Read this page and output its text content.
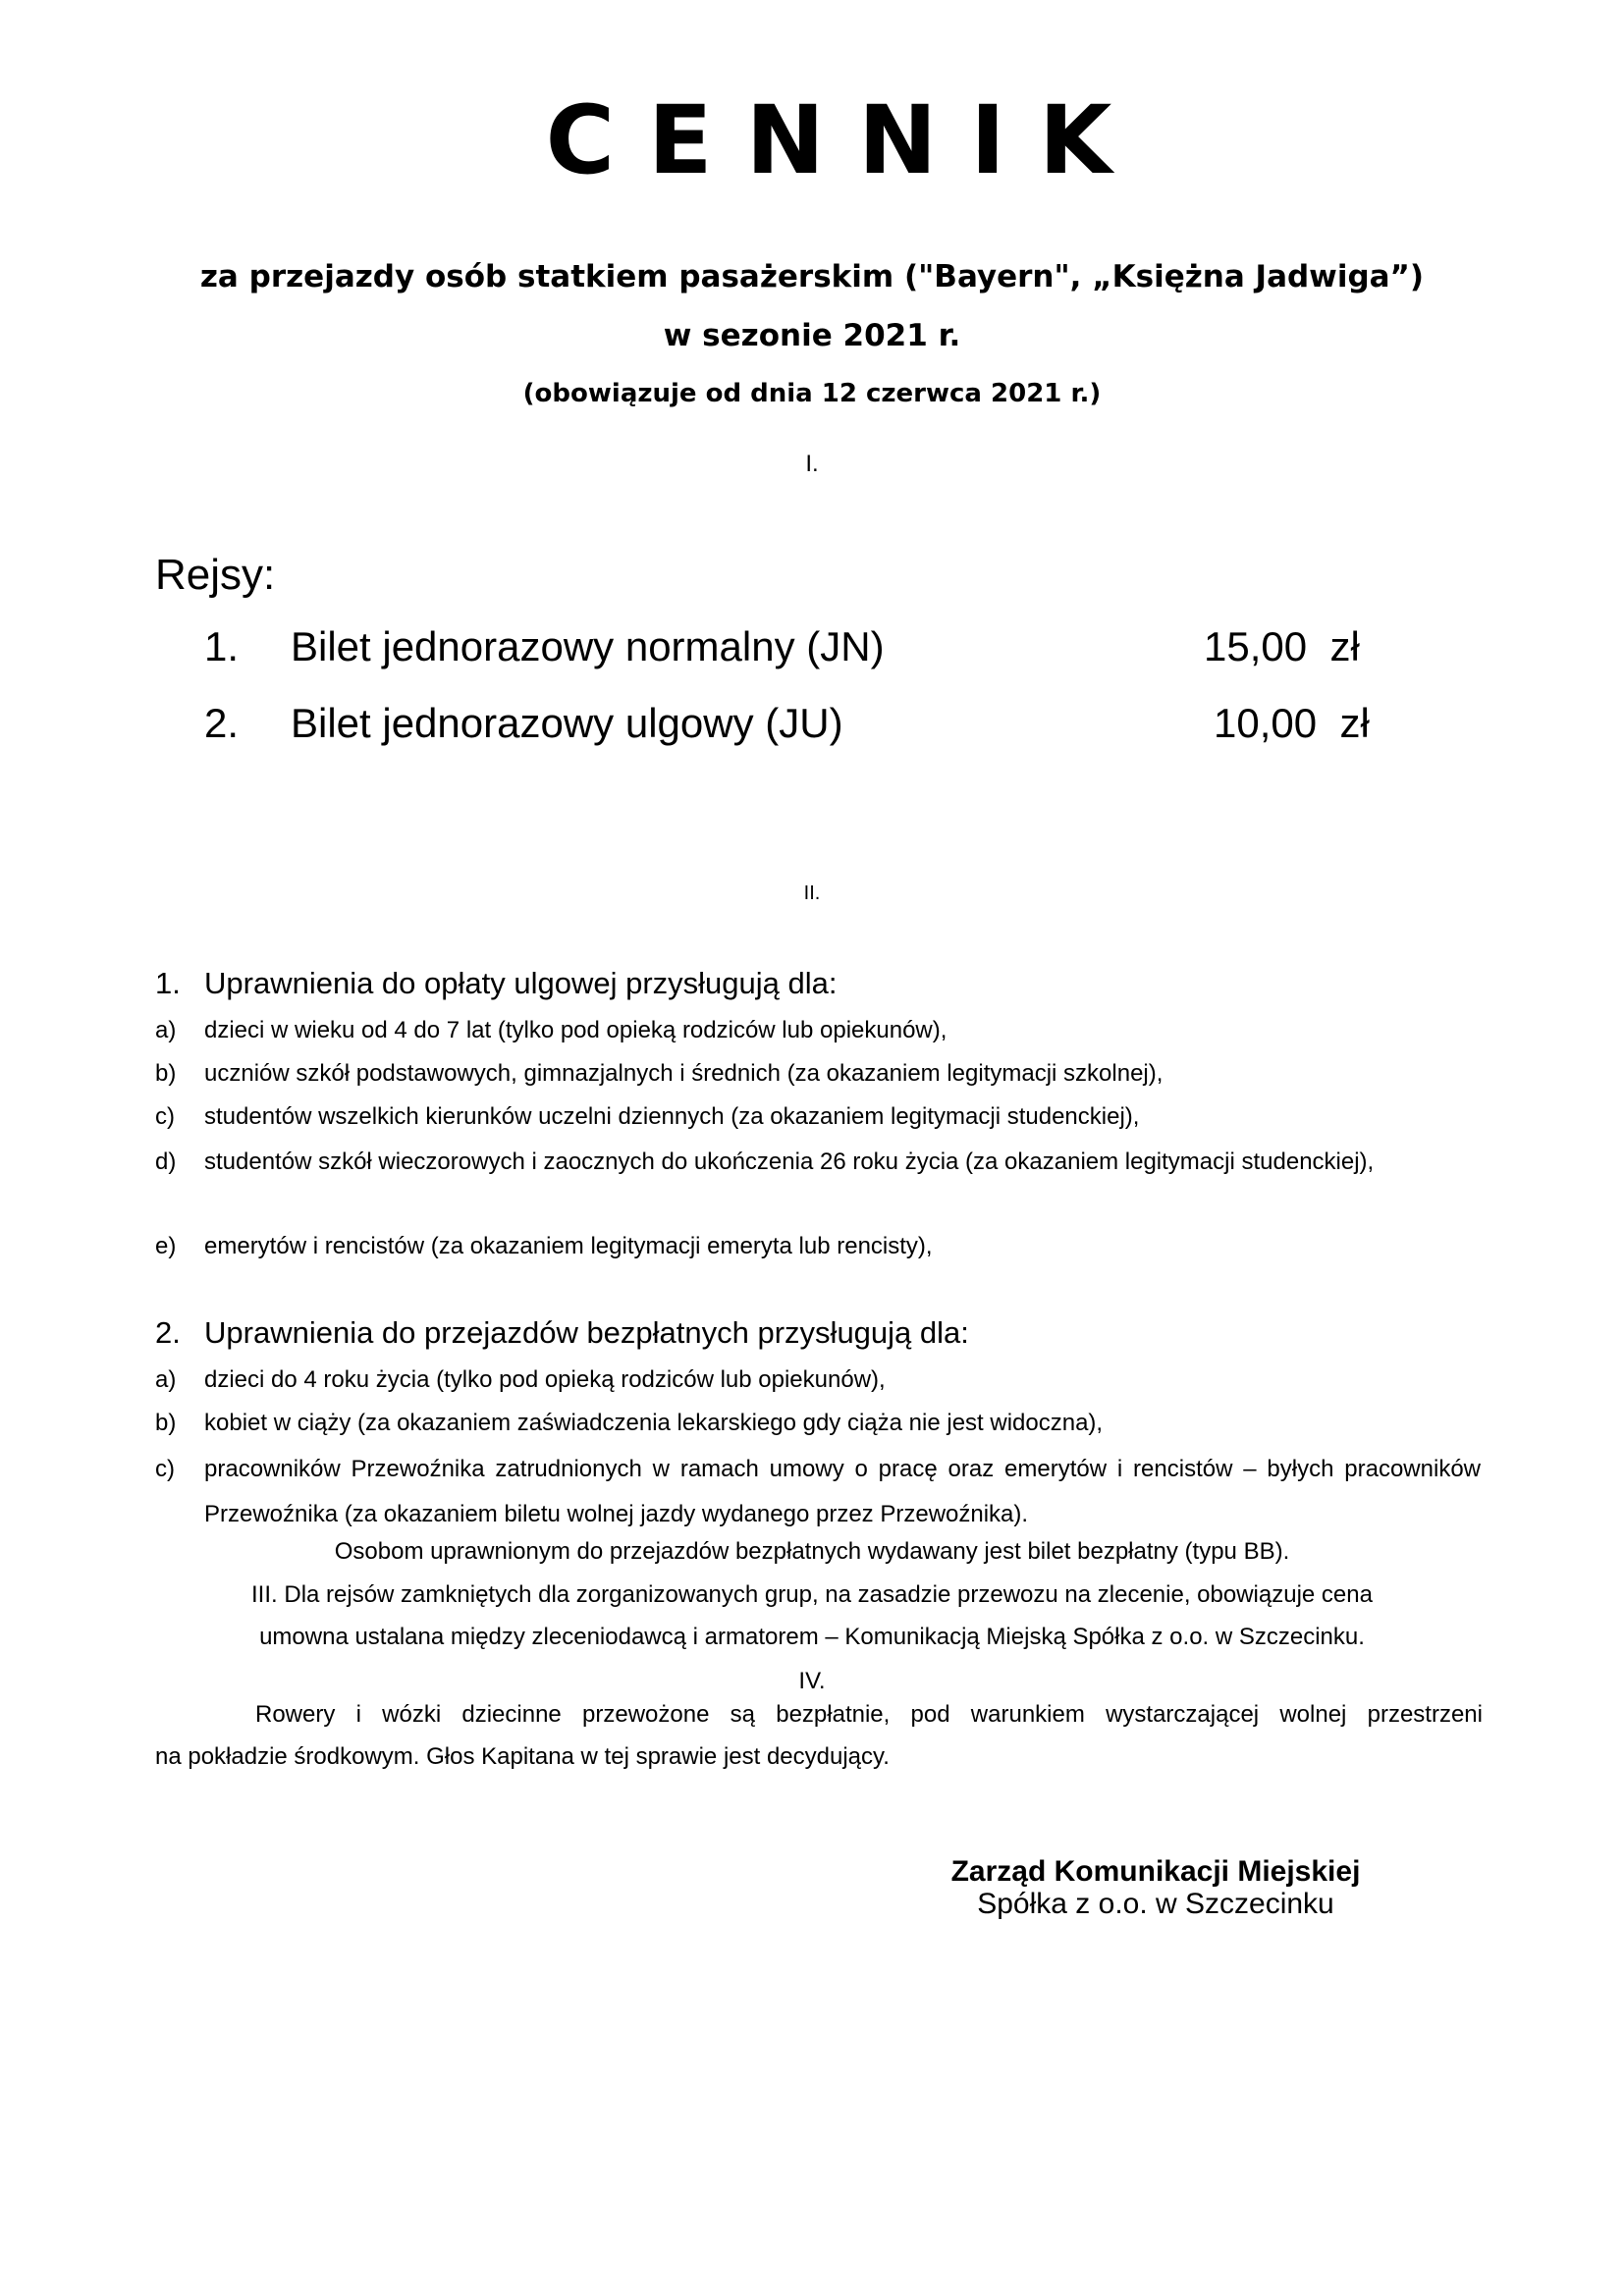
CENNIK
za przejazdy osób statkiem pasażerskim ("Bayern", „Księżna Jadwiga”)
w sezonie 2021 r.
(obowiązuje od dnia 12 czerwca 2021 r.)
I.
Rejsy:
1. Bilet jednorazowy normalny (JN)	15,00  zł
2. Bilet jednorazowy ulgowy (JU)	10,00  zł
II.
1. Uprawnienia do opłaty ulgowej przysługują dla:
a) dzieci w wieku od 4 do 7 lat (tylko pod opieką rodziców lub opiekunów),
b) uczniów szkół podstawowych, gimnazjalnych i średnich (za okazaniem legitymacji szkolnej),
c) studentów wszelkich kierunków uczelni dziennych (za okazaniem legitymacji studenckiej),
d) studentów szkół wieczorowych i zaocznych do ukończenia 26 roku życia (za okazaniem legitymacji studenckiej),
e) emerytów i rencistów (za okazaniem legitymacji emeryta lub rencisty),
2. Uprawnienia do przejazdów bezpłatnych przysługują dla:
a) dzieci do 4 roku życia (tylko pod opieką rodziców lub opiekunów),
b) kobiet w ciąży (za okazaniem zaświadczenia lekarskiego gdy ciąża nie jest widoczna),
c) pracowników Przewoźnika zatrudnionych w ramach umowy o pracę oraz emerytów i rencistów – byłych pracowników Przewoźnika (za okazaniem biletu wolnej jazdy wydanego przez Przewoźnika).
Osobom uprawnionym do przejazdów bezpłatnych wydawany jest bilet bezpłatny (typu BB).
III. Dla rejsów zamkniętych dla zorganizowanych grup, na zasadzie przewozu na zlecenie, obowiązuje cena
umowna ustalana między zleceniodawcą i armatorem – Komunikacją Miejską Spółka z o.o. w Szczecinku.
IV.
Rowery i wózki dziecinne przewożone są bezpłatnie, pod warunkiem wystarczającej wolnej przestrzeni
na pokładzie środkowym. Głos Kapitana w tej sprawie jest decydujący.
Zarząd Komunikacji Miejskiej
Spółka z o.o. w Szczecinku
